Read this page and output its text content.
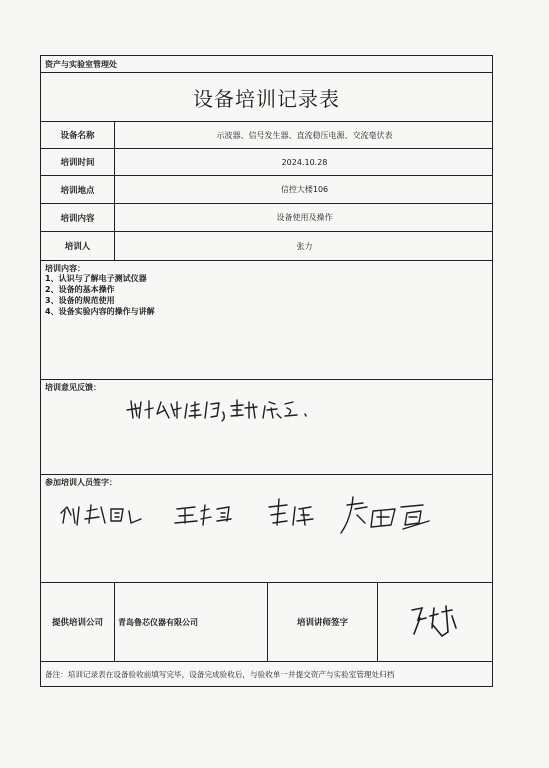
资产与实验室管理处
设备培训记录表
设备名称	示波器、信号发生器、直流稳压电源、交流毫伏表
培训时间	2024.10.28
培训地点	信控大楼106
培训内容	设备使用及操作
培训人	张力
培训内容：
1、认识与了解电子测试仪器
2、设备的基本操作
3、设备的规范使用
4、设备实验内容的操作与讲解
培训意见反馈：
参加培训人员签字：
提供培训公司	青岛鲁芯仪器有限公司	培训讲师签字
备注：培训记录表在设备验收前填写完毕，设备完成验收后，与验收单一并提交资产与实验室管理处归档
